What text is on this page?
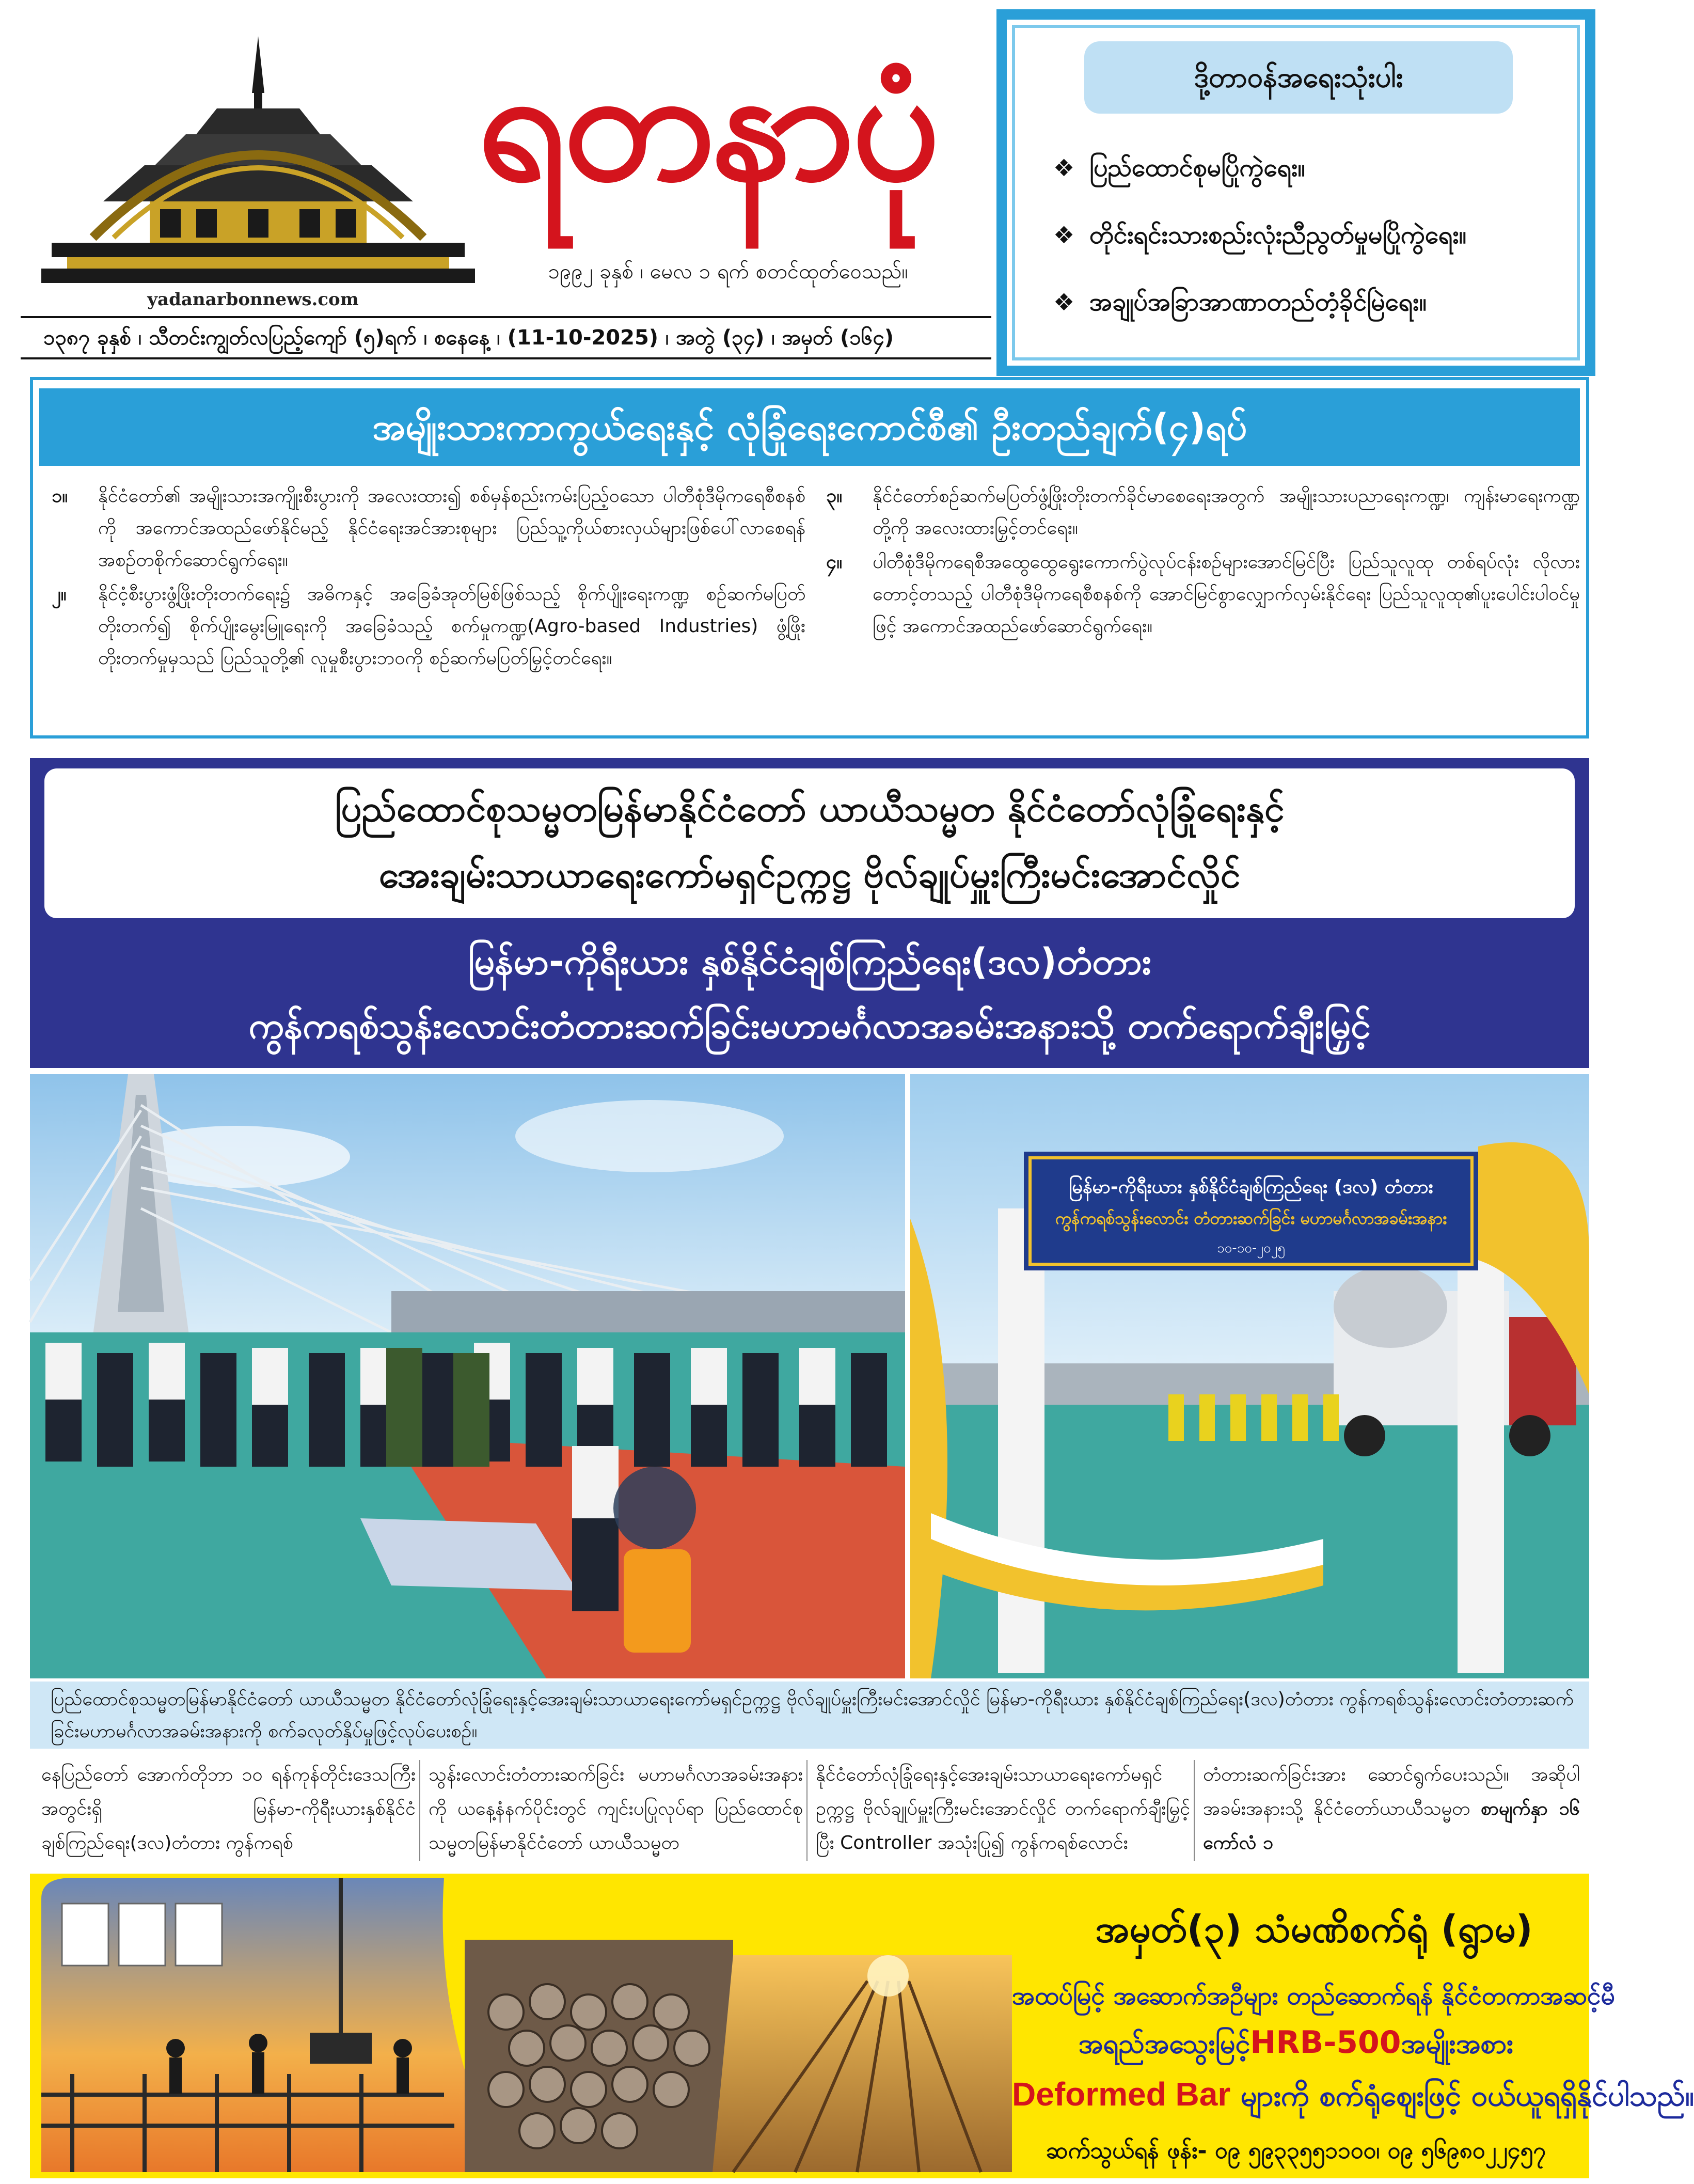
ရတနာပုံ
yadanarbonnews.com
၁၉၉၂ ခုနှစ် ၊ မေလ ၁ ရက် စတင်ထုတ်ဝေသည်။
၁၃၈၇ ခုနှစ် ၊ သီတင်းကျွတ်လပြည့်ကျော် (၅)ရက် ၊ စနေနေ့ ၊ (11-10-2025) ၊ အတွဲ (၃၄) ၊ အမှတ် (၁၆၄)
ဒို့တာဝန်အရေးသုံးပါး
❖ ပြည်ထောင်စုမပြိုကွဲရေး။
❖ တိုင်းရင်းသားစည်းလုံးညီညွတ်မှုမပြိုကွဲရေး။
❖ အချုပ်အခြာအာဏာတည်တံ့ခိုင်မြဲရေး။
အမျိုးသားကာကွယ်ရေးနှင့် လုံခြုံရေးကောင်စီ၏ ဦးတည်ချက်(၄)ရပ်
၁။	နိုင်ငံတော်၏ အမျိုးသားအကျိုးစီးပွားကို အလေးထား၍ စစ်မှန်စည်းကမ်းပြည့်ဝသော ပါတီစုံဒီမိုကရေစီစနစ်ကို အကောင်အထည်ဖော်နိုင်မည့် နိုင်ငံရေးအင်အားစုများ ပြည်သူ့ကိုယ်စားလှယ်များဖြစ်ပေါ်လာစေရန် အစဉ်တစိုက်ဆောင်ရွက်ရေး။
၂။	နိုင်ငံ့စီးပွားဖွံ့ဖြိုးတိုးတက်ရေး၌ အဓိကနှင့် အခြေခံအုတ်မြစ်ဖြစ်သည့် စိုက်ပျိုးရေးကဏ္ဍ စဉ်ဆက်မပြတ်တိုးတက်၍ စိုက်ပျိုးမွေးမြူရေးကို အခြေခံသည့် စက်မှုကဏ္ဍ(Agro-based Industries) ဖွံ့ဖြိုးတိုးတက်မှုမှသည် ပြည်သူတို့၏ လူမှုစီးပွားဘဝကို စဉ်ဆက်မပြတ်မြှင့်တင်ရေး။
၃။	နိုင်ငံတော်စဉ်ဆက်မပြတ်ဖွံ့ဖြိုးတိုးတက်ခိုင်မာစေရေးအတွက် အမျိုးသားပညာရေးကဏ္ဍ၊ ကျန်းမာရေးကဏ္ဍတို့ကို အလေးထားမြှင့်တင်ရေး။
၄။	ပါတီစုံဒီမိုကရေစီအထွေထွေရွေးကောက်ပွဲလုပ်ငန်းစဉ်များအောင်မြင်ပြီး ပြည်သူလူထု တစ်ရပ်လုံး လိုလားတောင့်တသည့် ပါတီစုံဒီမိုကရေစီစနစ်ကို အောင်မြင်စွာလျှောက်လှမ်းနိုင်ရေး ပြည်သူလူထု၏ပူးပေါင်းပါဝင်မှုဖြင့် အကောင်အထည်ဖော်ဆောင်ရွက်ရေး။
ပြည်ထောင်စုသမ္မတမြန်မာနိုင်ငံတော် ယာယီသမ္မတ နိုင်ငံတော်လုံခြုံရေးနှင့်
အေးချမ်းသာယာရေးကော်မရှင်ဥက္ကဋ္ဌ ဗိုလ်ချုပ်မှူးကြီးမင်းအောင်လှိုင်
မြန်မာ-ကိုရီးယား နှစ်နိုင်ငံချစ်ကြည်ရေး(ဒလ)တံတား
ကွန်ကရစ်သွန်းလောင်းတံတားဆက်ခြင်းမဟာမင်္ဂလာအခမ်းအနားသို့ တက်ရောက်ချီးမြှင့်
မြန်မာ-ကိုရီးယား နှစ်နိုင်ငံချစ်ကြည်ရေး (ဒလ) တံတား
ကွန်ကရစ်သွန်းလောင်း တံတားဆက်ခြင်း မဟာမင်္ဂလာအခမ်းအနား
၁၀-၁၀-၂၀၂၅
ပြည်ထောင်စုသမ္မတမြန်မာနိုင်ငံတော် ယာယီသမ္မတ နိုင်ငံတော်လုံခြုံရေးနှင့်အေးချမ်းသာယာရေးကော်မရှင်ဥက္ကဋ္ဌ ဗိုလ်ချုပ်မှူးကြီးမင်းအောင်လှိုင် မြန်မာ-ကိုရီးယား နှစ်နိုင်ငံချစ်ကြည်ရေး(ဒလ)တံတား ကွန်ကရစ်သွန်းလောင်းတံတားဆက်ခြင်းမဟာမင်္ဂလာအခမ်းအနားကို စက်ခလုတ်နှိပ်မှုဖြင့်လုပ်ပေးစဉ်။
နေပြည်တော် အောက်တိုဘာ ၁၀ ရန်ကုန်တိုင်းဒေသကြီးအတွင်းရှိ မြန်မာ-ကိုရီးယားနှစ်နိုင်ငံချစ်ကြည်ရေး(ဒလ)တံတား ကွန်ကရစ်
သွန်းလောင်းတံတားဆက်ခြင်း မဟာမင်္ဂလာအခမ်းအနားကို ယနေ့နံနက်ပိုင်းတွင် ကျင်းပပြုလုပ်ရာ ပြည်ထောင်စုသမ္မတမြန်မာနိုင်ငံတော် ယာယီသမ္မတ
နိုင်ငံတော်လုံခြုံရေးနှင့်အေးချမ်းသာယာရေးကော်မရှင် ဥက္ကဋ္ဌ ဗိုလ်ချုပ်မှူးကြီးမင်းအောင်လှိုင် တက်ရောက်ချီးမြှင့်ပြီး Controller အသုံးပြု၍ ကွန်ကရစ်လောင်း
တံတားဆက်ခြင်းအား ဆောင်ရွက်ပေးသည်။ အဆိုပါအခမ်းအနားသို့ နိုင်ငံတော်ယာယီသမ္မတ စာမျက်နှာ ၁၆ ကော်လံ ၁
အမှတ်(၃) သံမဏိစက်ရုံ (ရွာမ)
အထပ်မြင့် အဆောက်အဦများ တည်ဆောက်ရန် နိုင်ငံတကာအဆင့်မီ
အရည်အသွေးမြင့်HRB-500အမျိုးအစား
Deformed Bar များကို စက်ရုံဈေးဖြင့် ဝယ်ယူရရှိနိုင်ပါသည်။
ဆက်သွယ်ရန် ဖုန်း- ၀၉ ၅၉၃၃၅၅၁၁၀၀၊ ၀၉ ၅၆၉၈၀၂၂၄၅၇
